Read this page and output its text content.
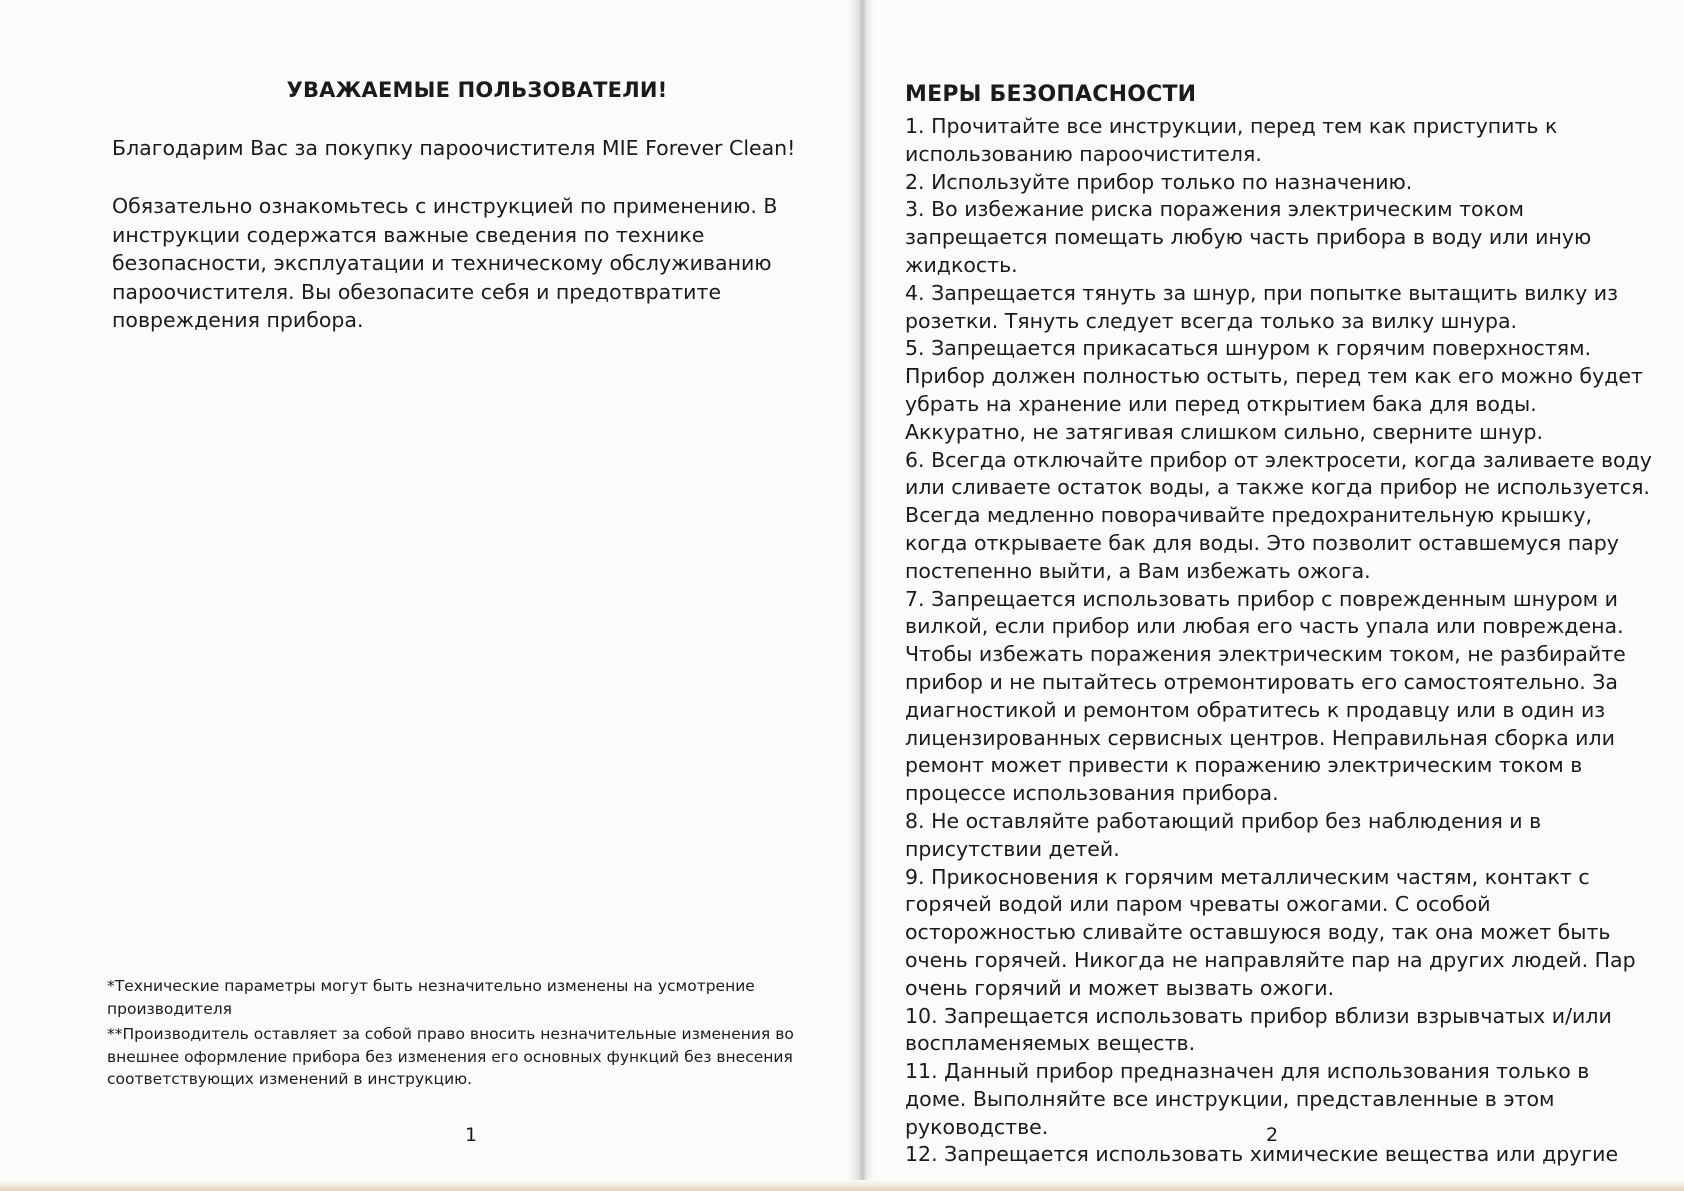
УВАЖАЕМЫЕ ПОЛЬЗОВАТЕЛИ!

Благодарим Вас за покупку пароочистителя MIE Forever Clean!

Обязательно ознакомьтесь с инструкцией по применению. В инструкции содержатся важные сведения по технике безопасности, эксплуатации и техническому обслуживанию пароочистителя. Вы обезопасите себя и предотвратите повреждения прибора.

*Технические параметры могут быть незначительно изменены на усмотрение производителя

**Производитель оставляет за собой право вносить незначительные изменения во внешнее оформление прибора без изменения его основных функций без внесения соответствующих изменений в инструкцию.

1
МЕРЫ БЕЗОПАСНОСТИ
1. Прочитайте все инструкции, перед тем как приступить к использованию пароочистителя.
2. Используйте прибор только по назначению.
3. Во избежание риска поражения электрическим током запрещается помещать любую часть прибора в воду или иную жидкость.
4. Запрещается тянуть за шнур, при попытке вытащить вилку из розетки. Тянуть следует всегда только за вилку шнура.
5. Запрещается прикасаться шнуром к горячим поверхностям. Прибор должен полностью остыть, перед тем как его можно будет убрать на хранение или перед открытием бака для воды. Аккуратно, не затягивая слишком сильно, сверните шнур.
6. Всегда отключайте прибор от электросети, когда заливаете воду или сливаете остаток воды, а также когда прибор не используется. Всегда медленно поворачивайте предохранительную крышку, когда открываете бак для воды. Это позволит оставшемуся пару постепенно выйти, а Вам избежать ожога.
7. Запрещается использовать прибор с поврежденным шнуром и вилкой, если прибор или любая его часть упала или повреждена. Чтобы избежать поражения электрическим током, не разбирайте прибор и не пытайтесь отремонтировать его самостоятельно. За диагностикой и ремонтом обратитесь к продавцу или в один из лицензированных сервисных центров. Неправильная сборка или ремонт может привести к поражению электрическим током в процессе использования прибора.
8. Не оставляйте работающий прибор без наблюдения и в присутствии детей.
9. Прикосновения к горячим металлическим частям, контакт с горячей водой или паром чреваты ожогами. С особой осторожностью сливайте оставшуюся воду, так она может быть очень горячей. Никогда не направляйте пар на других людей. Пар очень горячий и может вызвать ожоги.
10. Запрещается использовать прибор вблизи взрывчатых и/или воспламеняемых веществ.
11. Данный прибор предназначен для использования только в доме. Выполняйте все инструкции, представленные в этом руководстве.
12. Запрещается использовать химические вещества или другие
2
